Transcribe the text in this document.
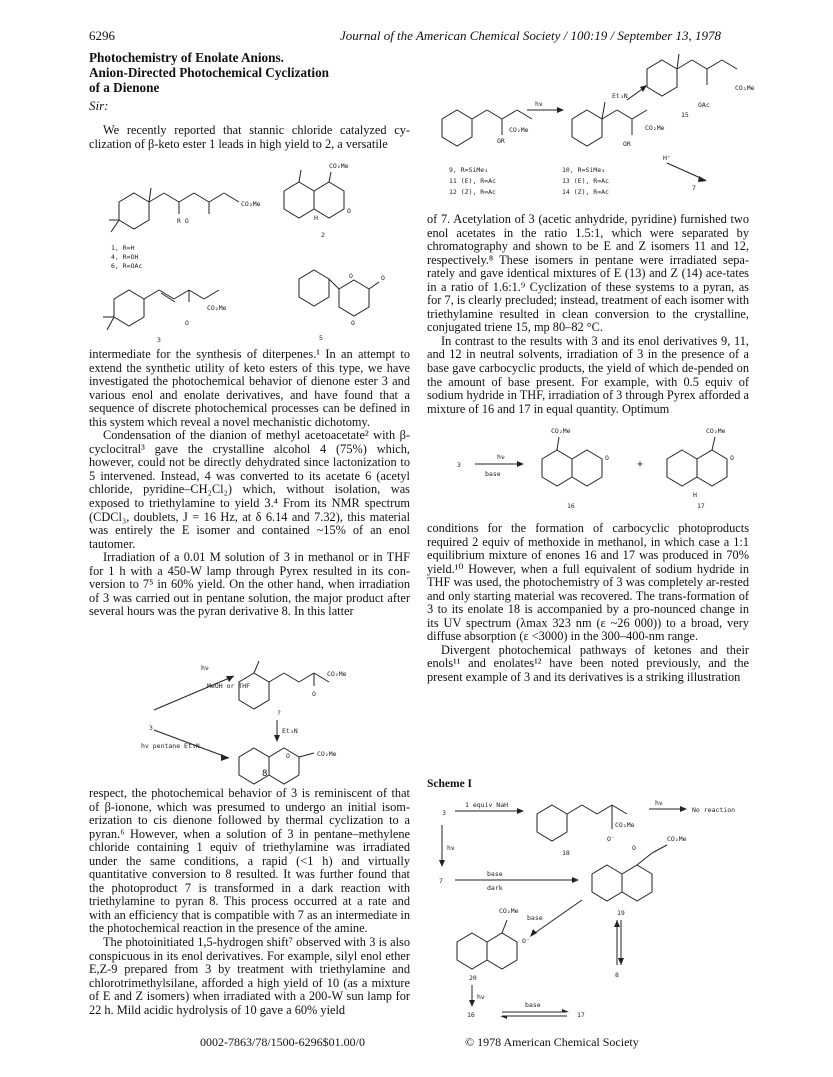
6296	Journal of the American Chemical Society / 100:19 / September 13, 1978
Photochemistry of Enolate Anions.
Anion-Directed Photochemical Cyclization
of a Dienone
Sir:

We recently reported that stannic chloride catalyzed cy-clization of β-keto ester 1 leads in high yield to 2, a versatile

CO₂Me
R O
1, R=H
4, R=OH
6, R=OAc
CO₂Me
H
O
2
CO₂Me
O
3
O	O
O
5

intermediate for the synthesis of diterpenes.¹ In an attempt to extend the synthetic utility of keto esters of this type, we have investigated the photochemical behavior of dienone ester 3 and various enol and enolate derivatives, and have found that a sequence of discrete photochemical processes can be defined in this system which reveal a novel mechanistic dichotomy.

Condensation of the dianion of methyl acetoacetate² with β-cyclocitral³ gave the crystalline alcohol 4 (75%) which, however, could not be directly dehydrated since lactonization to 5 intervened. Instead, 4 was converted to its acetate 6 (acetyl chloride, pyridine–CH₂Cl₂) which, without isolation, was exposed to triethylamine to yield 3.⁴ From its NMR spectrum (CDCl₃, doublets, J = 16 Hz, at δ 6.14 and 7.32), this material was entirely the E isomer and contained ~15% of an enol tautomer.

Irradiation of a 0.01 M solution of 3 in methanol or in THF for 1 h with a 450-W lamp through Pyrex resulted in its con-version to 7⁵ in 60% yield. On the other hand, when irradiation of 3 was carried out in pentane solution, the major product after several hours was the pyran derivative 8. In this latter

hν
MeOH or THF
3
hν pentane Et₃N
CO₂Me
O
?
Et₃N
O	CO₂Me
8

respect, the photochemical behavior of 3 is reminiscent of that of β-ionone, which was presumed to undergo an initial isom-erization to cis dienone followed by thermal cyclization to a pyran.⁶ However, when a solution of 3 in pentane–methylene chloride containing 1 equiv of triethylamine was irradiated under the same conditions, a rapid (<1 h) and virtually quantitative conversion to 8 resulted. It was further found that the photoproduct 7 is transformed in a dark reaction with triethylamine to pyran 8. This process occurred at a rate and with an efficiency that is compatible with 7 as an intermediate in the photochemical reaction in the presence of the amine.

The photoinitiated 1,5-hydrogen shift⁷ observed with 3 is also conspicuous in its enol derivatives. For example, silyl enol ether E,Z-9 prepared from 3 by treatment with triethylamine and chlorotrimethylsilane, afforded a high yield of 10 (as a mixture of E and Z isomers) when irradiated with a 200-W sun lamp for 22 h. Mild acidic hydrolysis of 10 gave a 60% yield

CO₂Me
OR
hν
CO₂Me
OR
CO₂Me
OAc
Et₃N
15
9, R=SiMe₃
11 (E), R=Ac
12 (Z), R=Ac
10, R=SiMe₃
13 (E), R=Ac
14 (Z), R=Ac
H⁺
7

of 7. Acetylation of 3 (acetic anhydride, pyridine) furnished two enol acetates in the ratio 1.5:1, which were separated by chromatography and shown to be E and Z isomers 11 and 12, respectively.⁸ These isomers in pentane were irradiated sepa-rately and gave identical mixtures of E (13) and Z (14) ace-tates in a ratio of 1.6:1.⁹ Cyclization of these systems to a pyran, as for 7, is clearly precluded; instead, treatment of each isomer with triethylamine resulted in clean conversion to the crystalline, conjugated triene 15, mp 80–82 °C.

In contrast to the results with 3 and its enol derivatives 9, 11, and 12 in neutral solvents, irradiation of 3 in the presence of a base gave carbocyclic products, the yield of which de-pended on the amount of base present. For example, with 0.5 equiv of sodium hydride in THF, irradiation of 3 through Pyrex afforded a mixture of 16 and 17 in equal quantity. Optimum

3
hν
base
CO₂Me
O
+
CO₂Me
O
H
16	17

conditions for the formation of carbocyclic photoproducts required 2 equiv of methoxide in methanol, in which case a 1:1 equilibrium mixture of enones 16 and 17 was produced in 70% yield.¹⁰ However, when a full equivalent of sodium hydride in THF was used, the photochemistry of 3 was completely ar-rested and only starting material was recovered. The trans-formation of 3 to its enolate 18 is accompanied by a pro-nounced change in its UV spectrum (λmax 323 nm (ε ~26 000)) to a broad, very diffuse absorption (ε <3000) in the 300–400-nm range.

Divergent photochemical pathways of ketones and their enols¹¹ and enolates¹² have been noted previously, and the present example of 3 and its derivatives is a striking illustration

Scheme I
3
1 equiv NaH
CO₂Me
O⁻
18
hν
No reaction
hν
7
base
dark
O
CO₂Me
19
8
base
CO₂Me
O⁻
20
hν
16
base
17
0002-7863/78/1500-6296$01.00/0	© 1978 American Chemical Society
